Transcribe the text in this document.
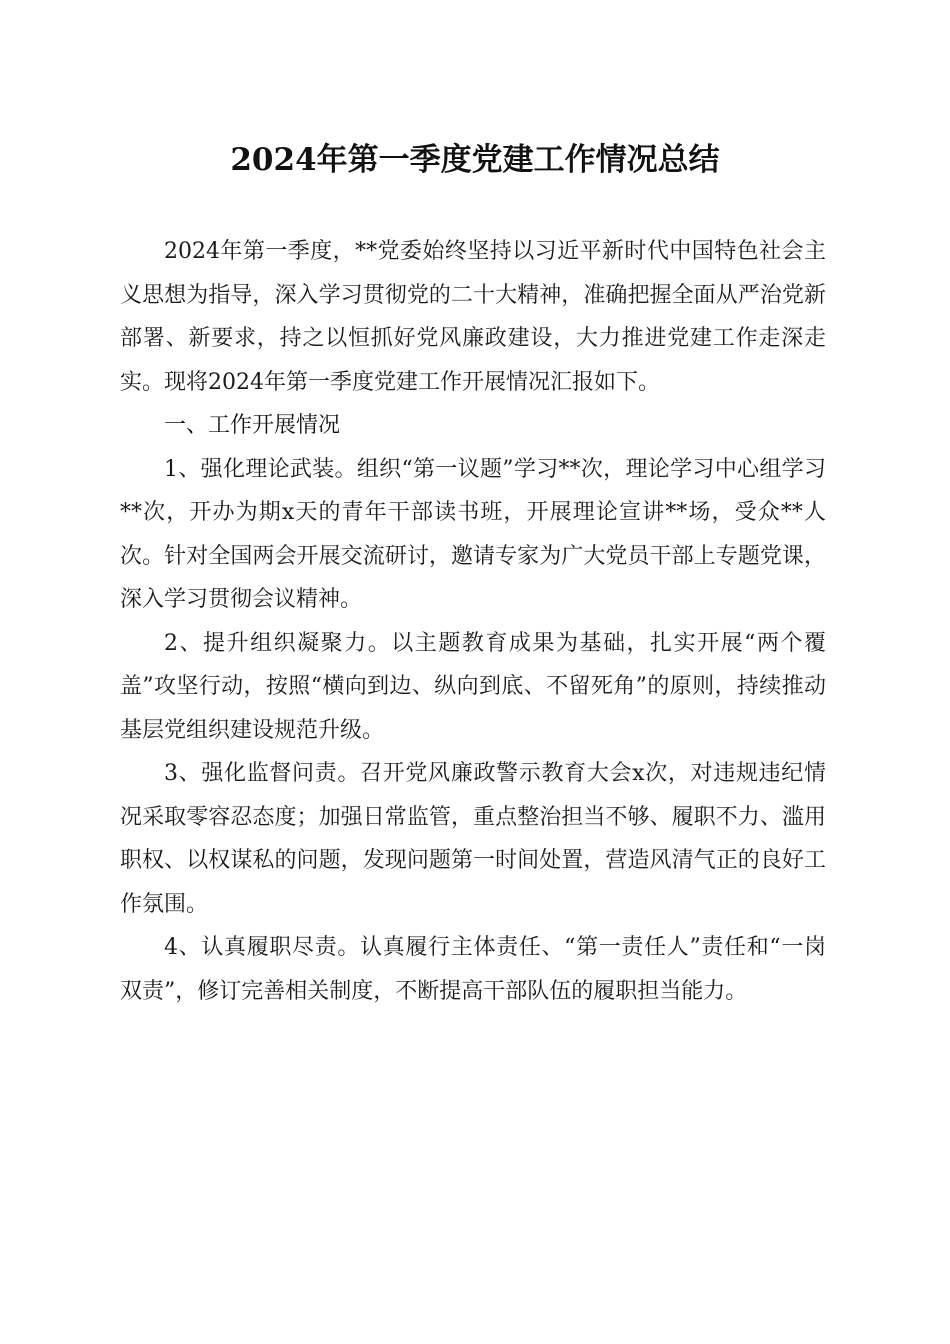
2024年第一季度党建工作情况总结

2024年第一季度，**党委始终坚持以习近平新时代中国特色社会主义思想为指导，深入学习贯彻党的二十大精神，准确把握全面从严治党新部署、新要求，持之以恒抓好党风廉政建设，大力推进党建工作走深走实。现将2024年第一季度党建工作开展情况汇报如下。

一、工作开展情况

1、强化理论武装。组织“第一议题”学习**次，理论学习中心组学习**次，开办为期x天的青年干部读书班，开展理论宣讲**场，受众**人次。针对全国两会开展交流研讨，邀请专家为广大党员干部上专题党课，深入学习贯彻会议精神。

2、提升组织凝聚力。以主题教育成果为基础，扎实开展“两个覆盖”攻坚行动，按照“横向到边、纵向到底、不留死角”的原则，持续推动基层党组织建设规范升级。

3、强化监督问责。召开党风廉政警示教育大会x次，对违规违纪情况采取零容忍态度；加强日常监管，重点整治担当不够、履职不力、滥用职权、以权谋私的问题，发现问题第一时间处置，营造风清气正的良好工作氛围。

4、认真履职尽责。认真履行主体责任、“第一责任人”责任和“一岗双责”，修订完善相关制度，不断提高干部队伍的履职担当能力。
